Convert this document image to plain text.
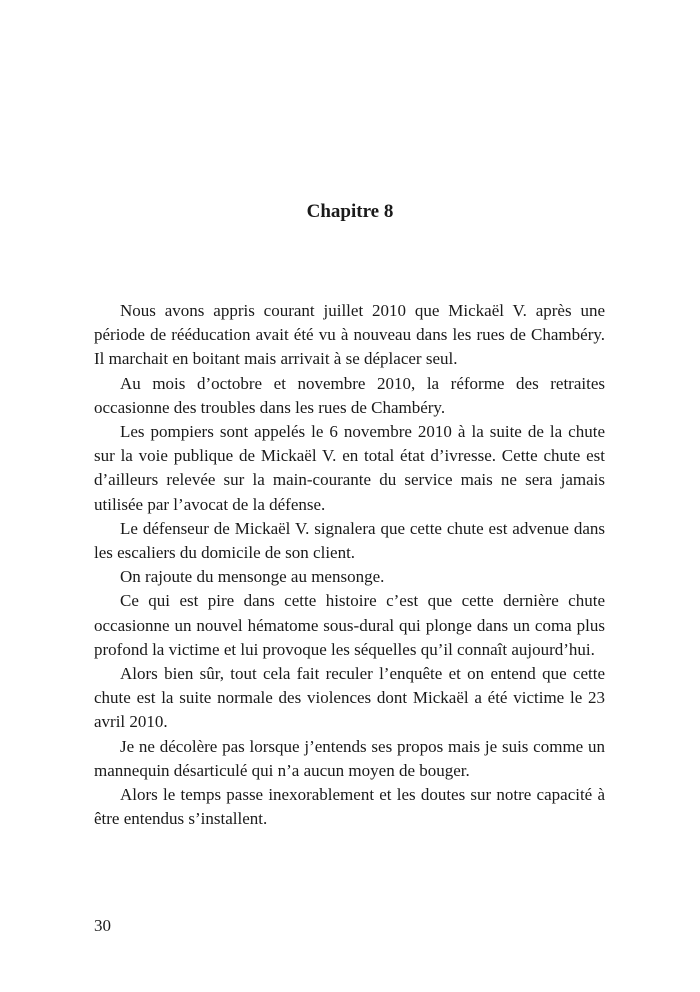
Chapitre 8

Nous avons appris courant juillet 2010 que Mickaël V. après une période de rééducation avait été vu à nouveau dans les rues de Chambéry. Il marchait en boitant mais arrivait à se déplacer seul.

Au mois d’octobre et novembre 2010, la réforme des retraites occasionne des troubles dans les rues de Chambéry.

Les pompiers sont appelés le 6 novembre 2010 à la suite de la chute sur la voie publique de Mickaël V. en total état d’ivresse. Cette chute est d’ailleurs relevée sur la main-courante du service mais ne sera jamais utilisée par l’avocat de la défense.

Le défenseur de Mickaël V. signalera que cette chute est advenue dans les escaliers du domicile de son client.

On rajoute du mensonge au mensonge.

Ce qui est pire dans cette histoire c’est que cette dernière chute occasionne un nouvel hématome sous-dural qui plonge dans un coma plus profond la victime et lui provoque les séquelles qu’il connaît aujourd’hui.

Alors bien sûr, tout cela fait reculer l’enquête et on entend que cette chute est la suite normale des violences dont Mickaël a été victime le 23 avril 2010.

Je ne décolère pas lorsque j’entends ses propos mais je suis comme un mannequin désarticulé qui n’a aucun moyen de bouger.

Alors le temps passe inexorablement et les doutes sur notre capacité à être entendus s’installent.

30
